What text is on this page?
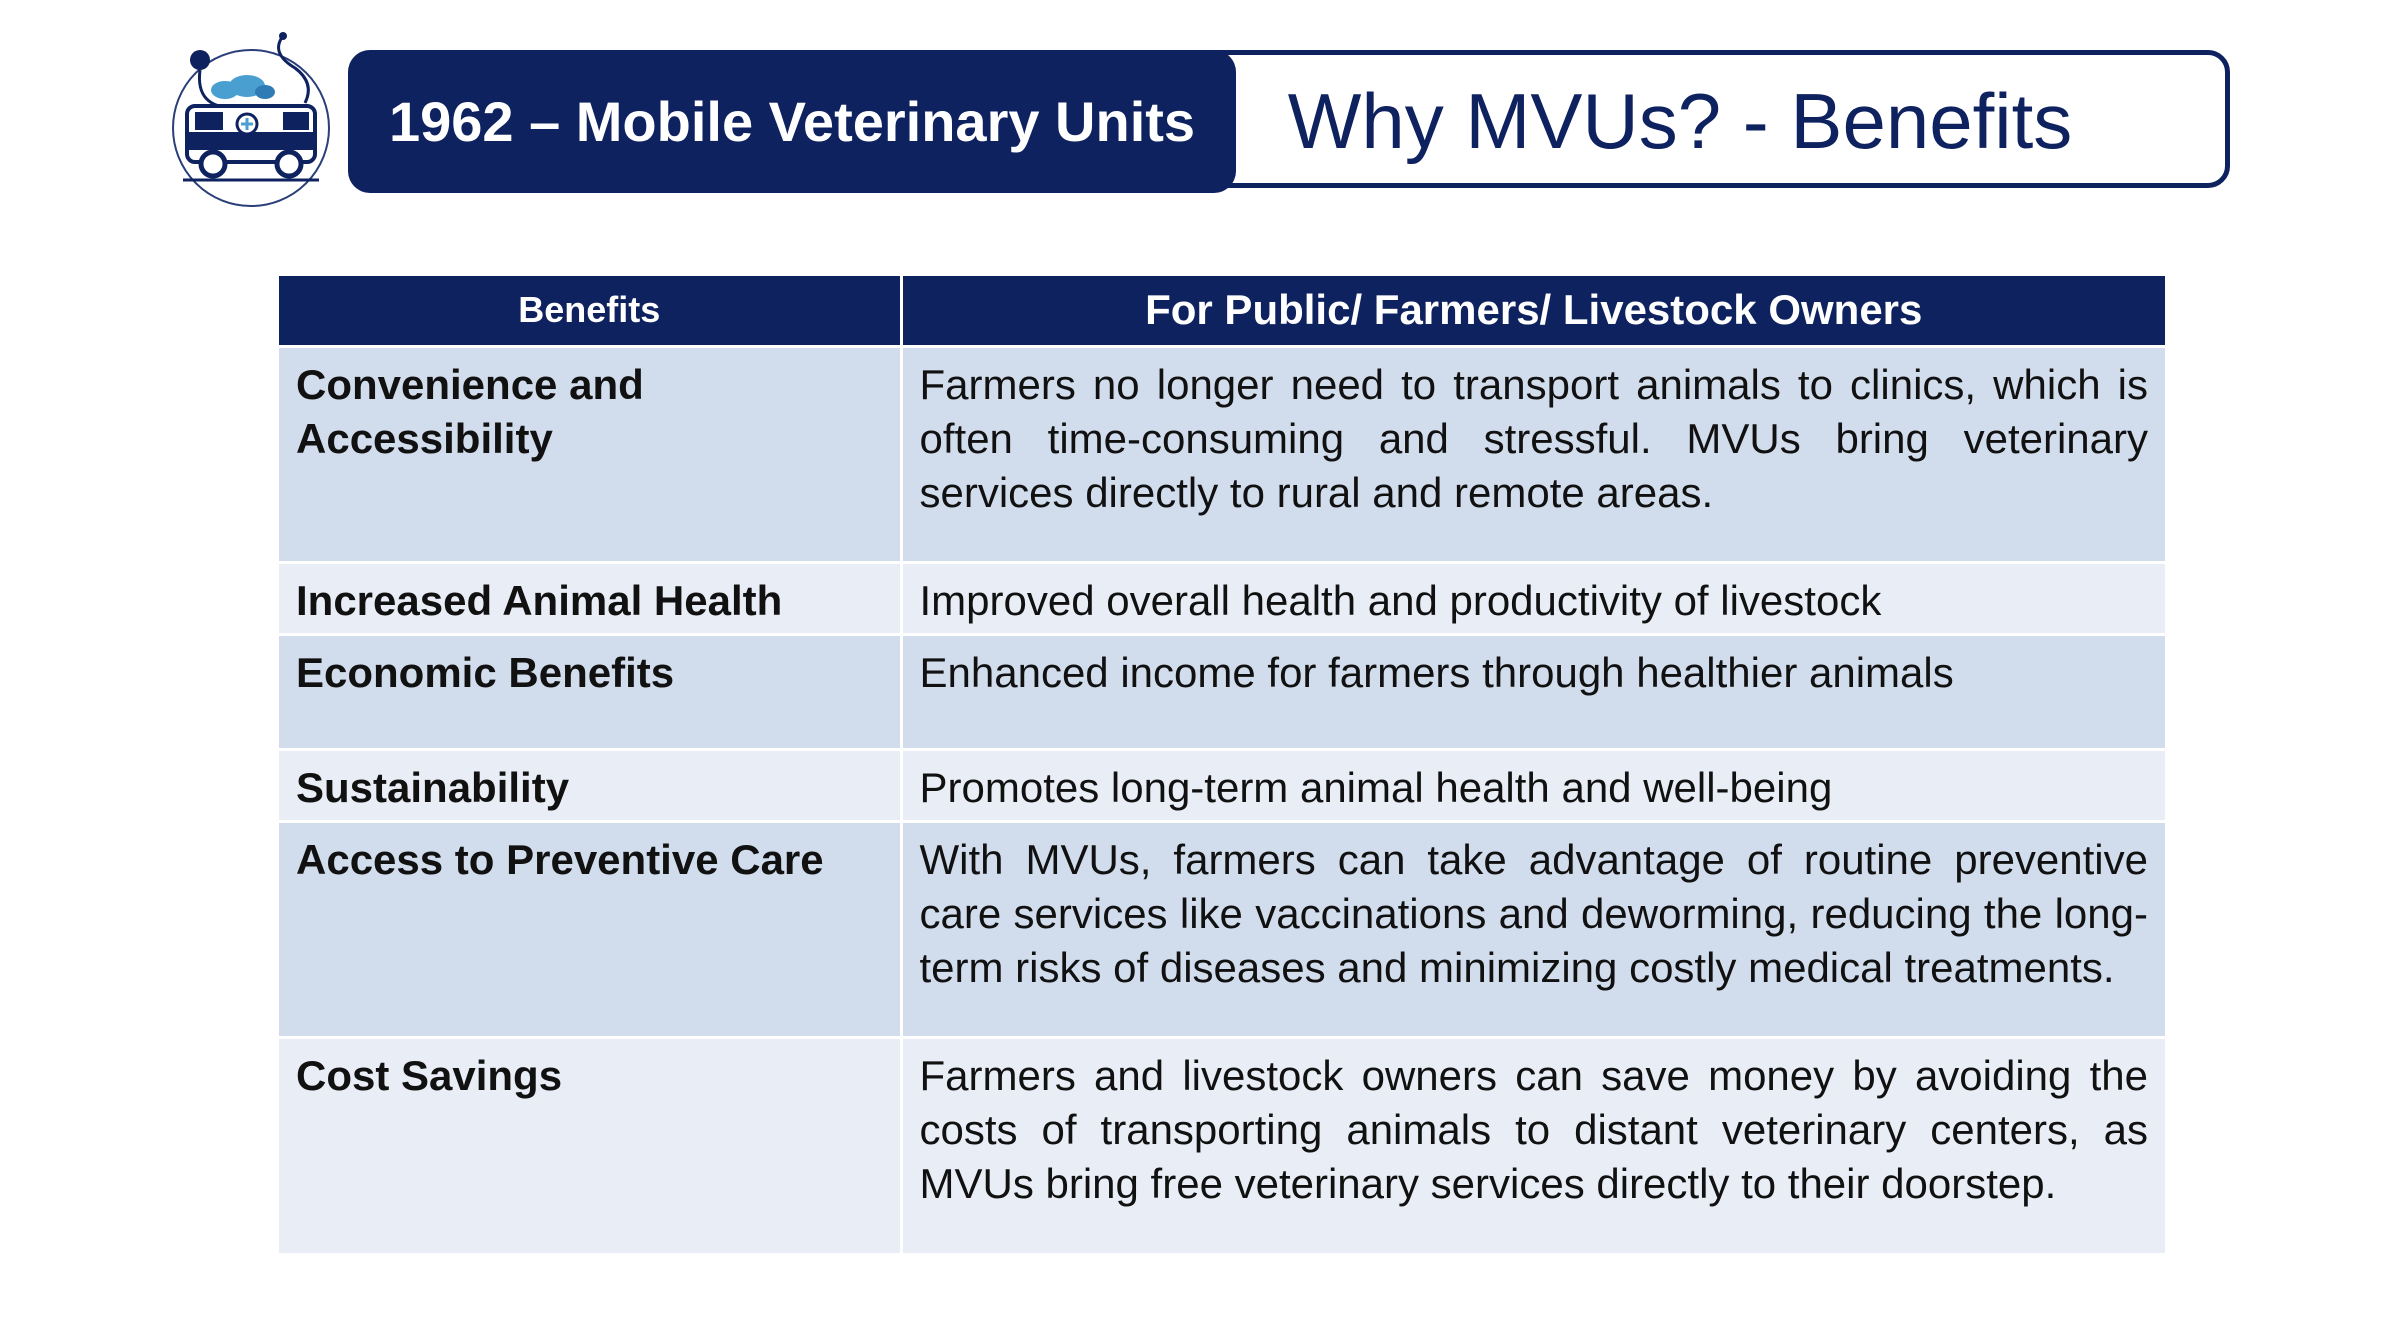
1962 – Mobile Veterinary Units	Why MVUs? - Benefits
Benefits	For Public/ Farmers/ Livestock Owners
Convenience and Accessibility	Farmers no longer need to transport animals to clinics, which is often time-consuming and stressful. MVUs bring veterinary services directly to rural and remote areas.
Increased Animal Health	Improved overall health and productivity of livestock
Economic Benefits	Enhanced income for farmers through healthier animals
Sustainability	Promotes long-term animal health and well-being
Access to Preventive Care	With MVUs, farmers can take advantage of routine preventive care services like vaccinations and deworming, reducing the long-term risks of diseases and minimizing costly medical treatments.
Cost Savings	Farmers and livestock owners can save money by avoiding the costs of transporting animals to distant veterinary centers, as MVUs bring free veterinary services directly to their doorstep.
